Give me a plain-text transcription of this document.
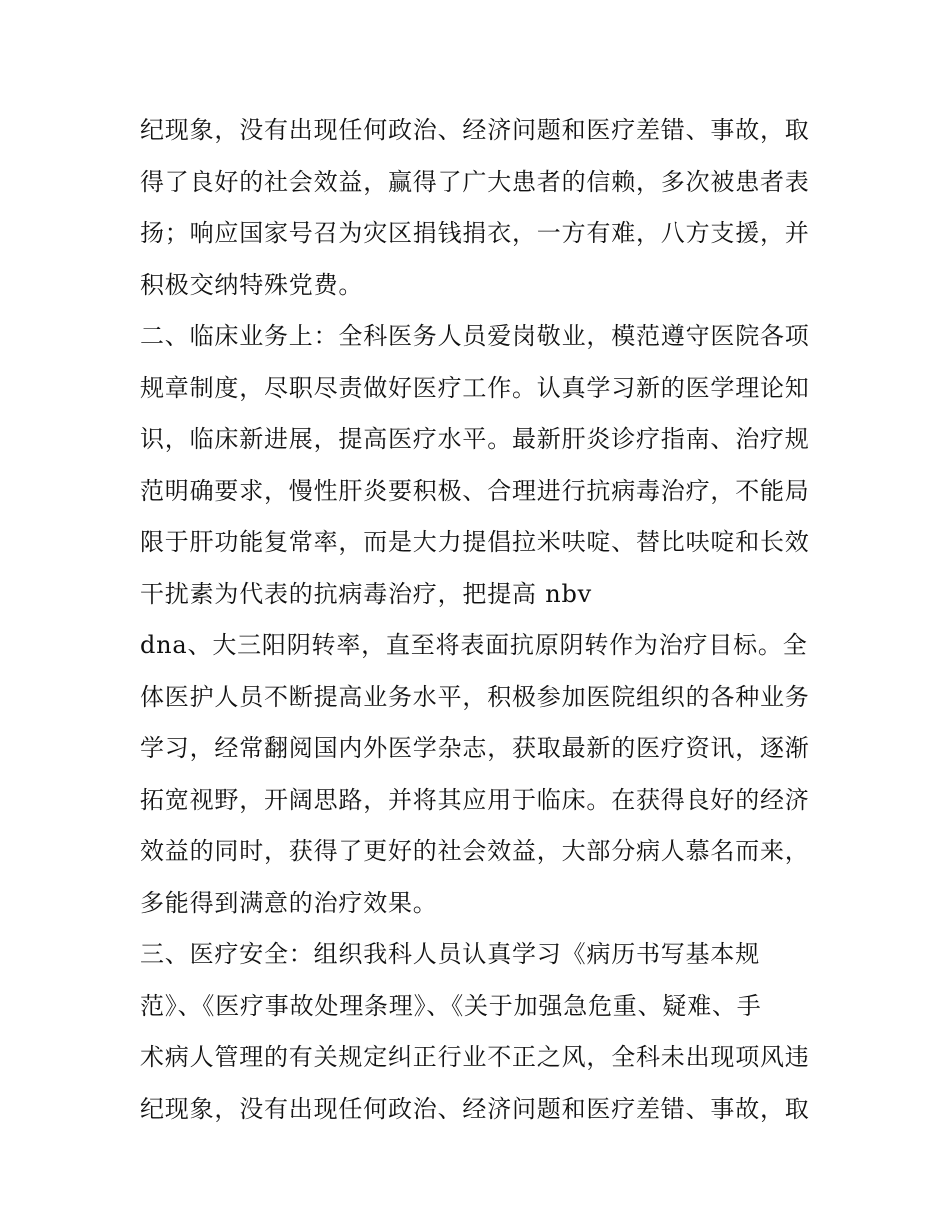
纪现象，没有出现任何政治、经济问题和医疗差错、事故，取
得了良好的社会效益，赢得了广大患者的信赖，多次被患者表
扬；响应国家号召为灾区捐钱捐衣，一方有难，八方支援，并
积极交纳特殊党费。
二、临床业务上：全科医务人员爱岗敬业，模范遵守医院各项
规章制度，尽职尽责做好医疗工作。认真学习新的医学理论知
识，临床新进展，提高医疗水平。最新肝炎诊疗指南、治疗规
范明确要求，慢性肝炎要积极、合理进行抗病毒治疗，不能局
限于肝功能复常率，而是大力提倡拉米呋啶、替比呋啶和长效
干扰素为代表的抗病毒治疗，把提高 nbv
dna、大三阳阴转率，直至将表面抗原阴转作为治疗目标。全
体医护人员不断提高业务水平，积极参加医院组织的各种业务
学习，经常翻阅国内外医学杂志，获取最新的医疗资讯，逐渐
拓宽视野，开阔思路，并将其应用于临床。在获得良好的经济
效益的同时，获得了更好的社会效益，大部分病人慕名而来，
多能得到满意的治疗效果。
三、医疗安全：组织我科人员认真学习《病历书写基本规
范》、《医疗事故处理条理》、《关于加强急危重、疑难、手
术病人管理的有关规定纠正行业不正之风，全科未出现项风违
纪现象，没有出现任何政治、经济问题和医疗差错、事故，取
